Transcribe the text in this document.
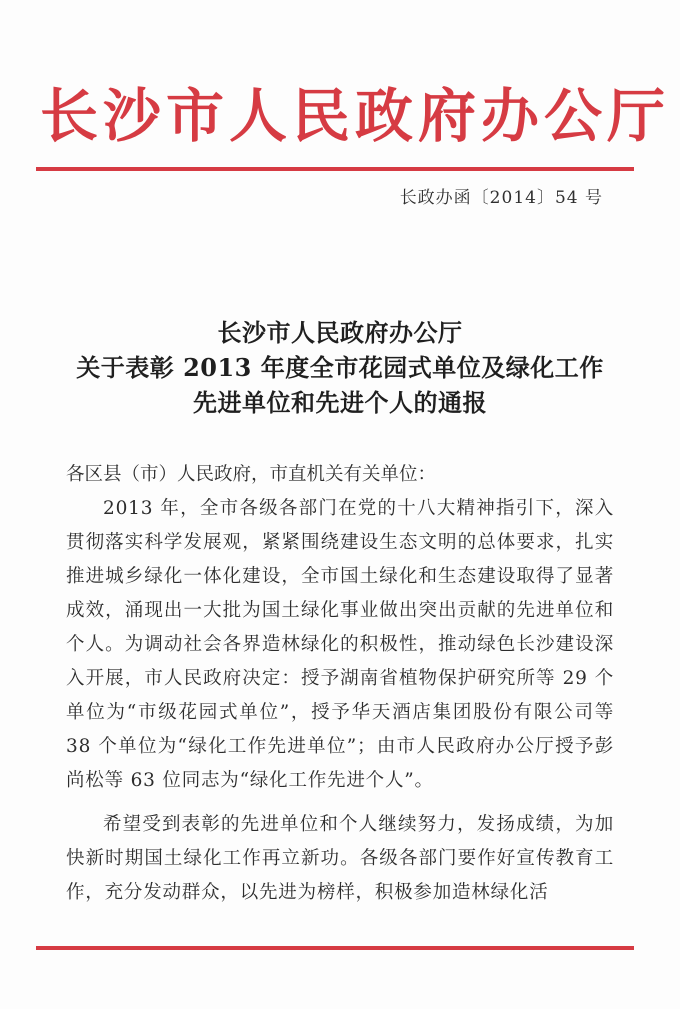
长沙市人民政府办公厅
长政办函〔2014〕54 号
长沙市人民政府办公厅
关于表彰 2013 年度全市花园式单位及绿化工作
先进单位和先进个人的通报

各区县（市）人民政府，市直机关有关单位：

2013 年，全市各级各部门在党的十八大精神指引下，深入贯彻落实科学发展观，紧紧围绕建设生态文明的总体要求，扎实推进城乡绿化一体化建设，全市国土绿化和生态建设取得了显著成效，涌现出一大批为国土绿化事业做出突出贡献的先进单位和个人。为调动社会各界造林绿化的积极性，推动绿色长沙建设深入开展，市人民政府决定：授予湖南省植物保护研究所等 29 个单位为“市级花园式单位”，授予华天酒店集团股份有限公司等 38 个单位为“绿化工作先进单位”；由市人民政府办公厅授予彭尚松等 63 位同志为“绿化工作先进个人”。

希望受到表彰的先进单位和个人继续努力，发扬成绩，为加快新时期国土绿化工作再立新功。各级各部门要作好宣传教育工作，充分发动群众，以先进为榜样，积极参加造林绿化活
